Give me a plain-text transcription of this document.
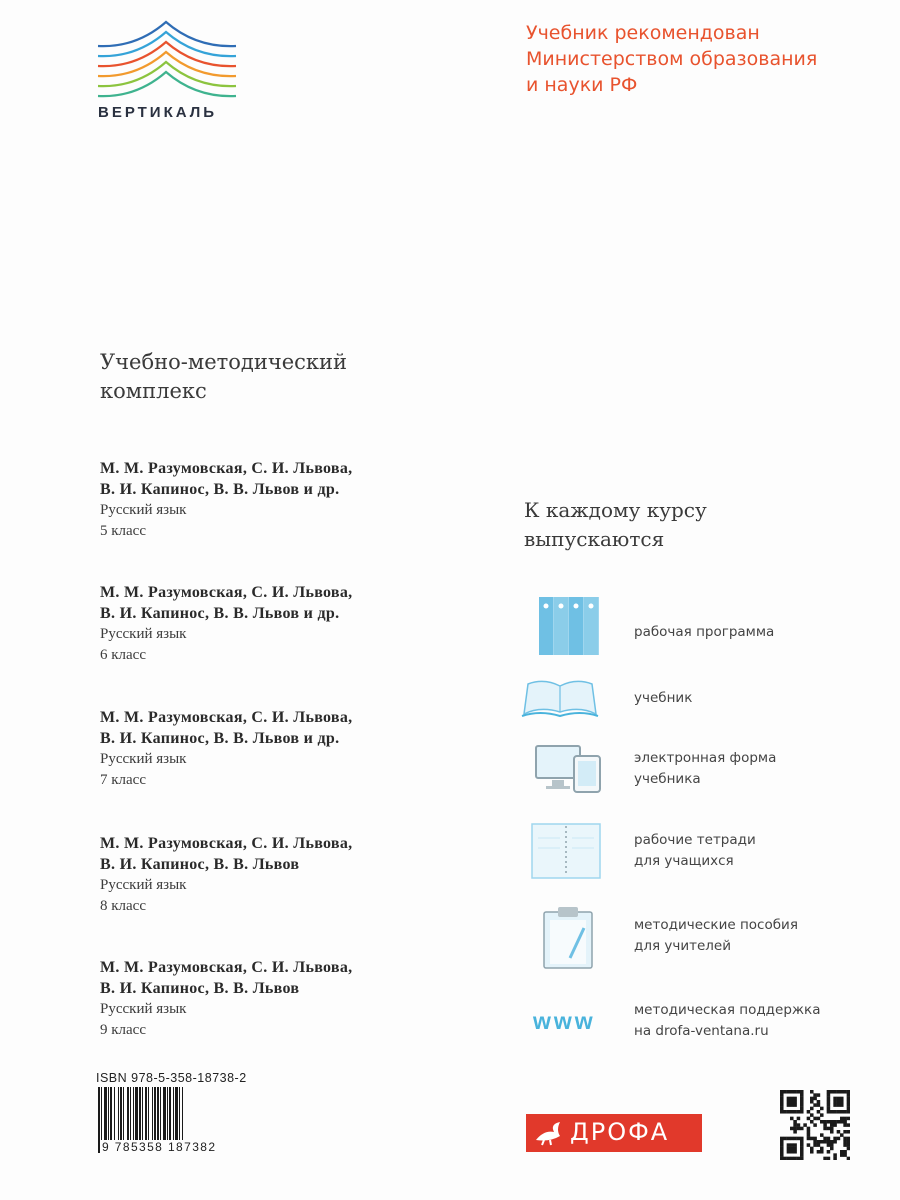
ВЕРТИКАЛЬ
Учебник рекомендован
Министерством образования
и науки РФ
Учебно-методический
комплекс
М. М. Разумовская, С. И. Львова,
В. И. Капинос, В. В. Львов и др.
Русский язык
5 класс
М. М. Разумовская, С. И. Львова,
В. И. Капинос, В. В. Львов и др.
Русский язык
6 класс
М. М. Разумовская, С. И. Львова,
В. И. Капинос, В. В. Львов и др.
Русский язык
7 класс
М. М. Разумовская, С. И. Львова,
В. И. Капинос, В. В. Львов
Русский язык
8 класс
М. М. Разумовская, С. И. Львова,
В. И. Капинос, В. В. Львов
Русский язык
9 класс
К каждому курсу
выпускаются
рабочая программа
учебник
электронная форма
учебника
рабочие тетради
для учащихся
методические пособия
для учителей
www	методическая поддержка
на drofa-ventana.ru
ISBN 978-5-358-18738-2
9 785358 187382
ДРОФА
